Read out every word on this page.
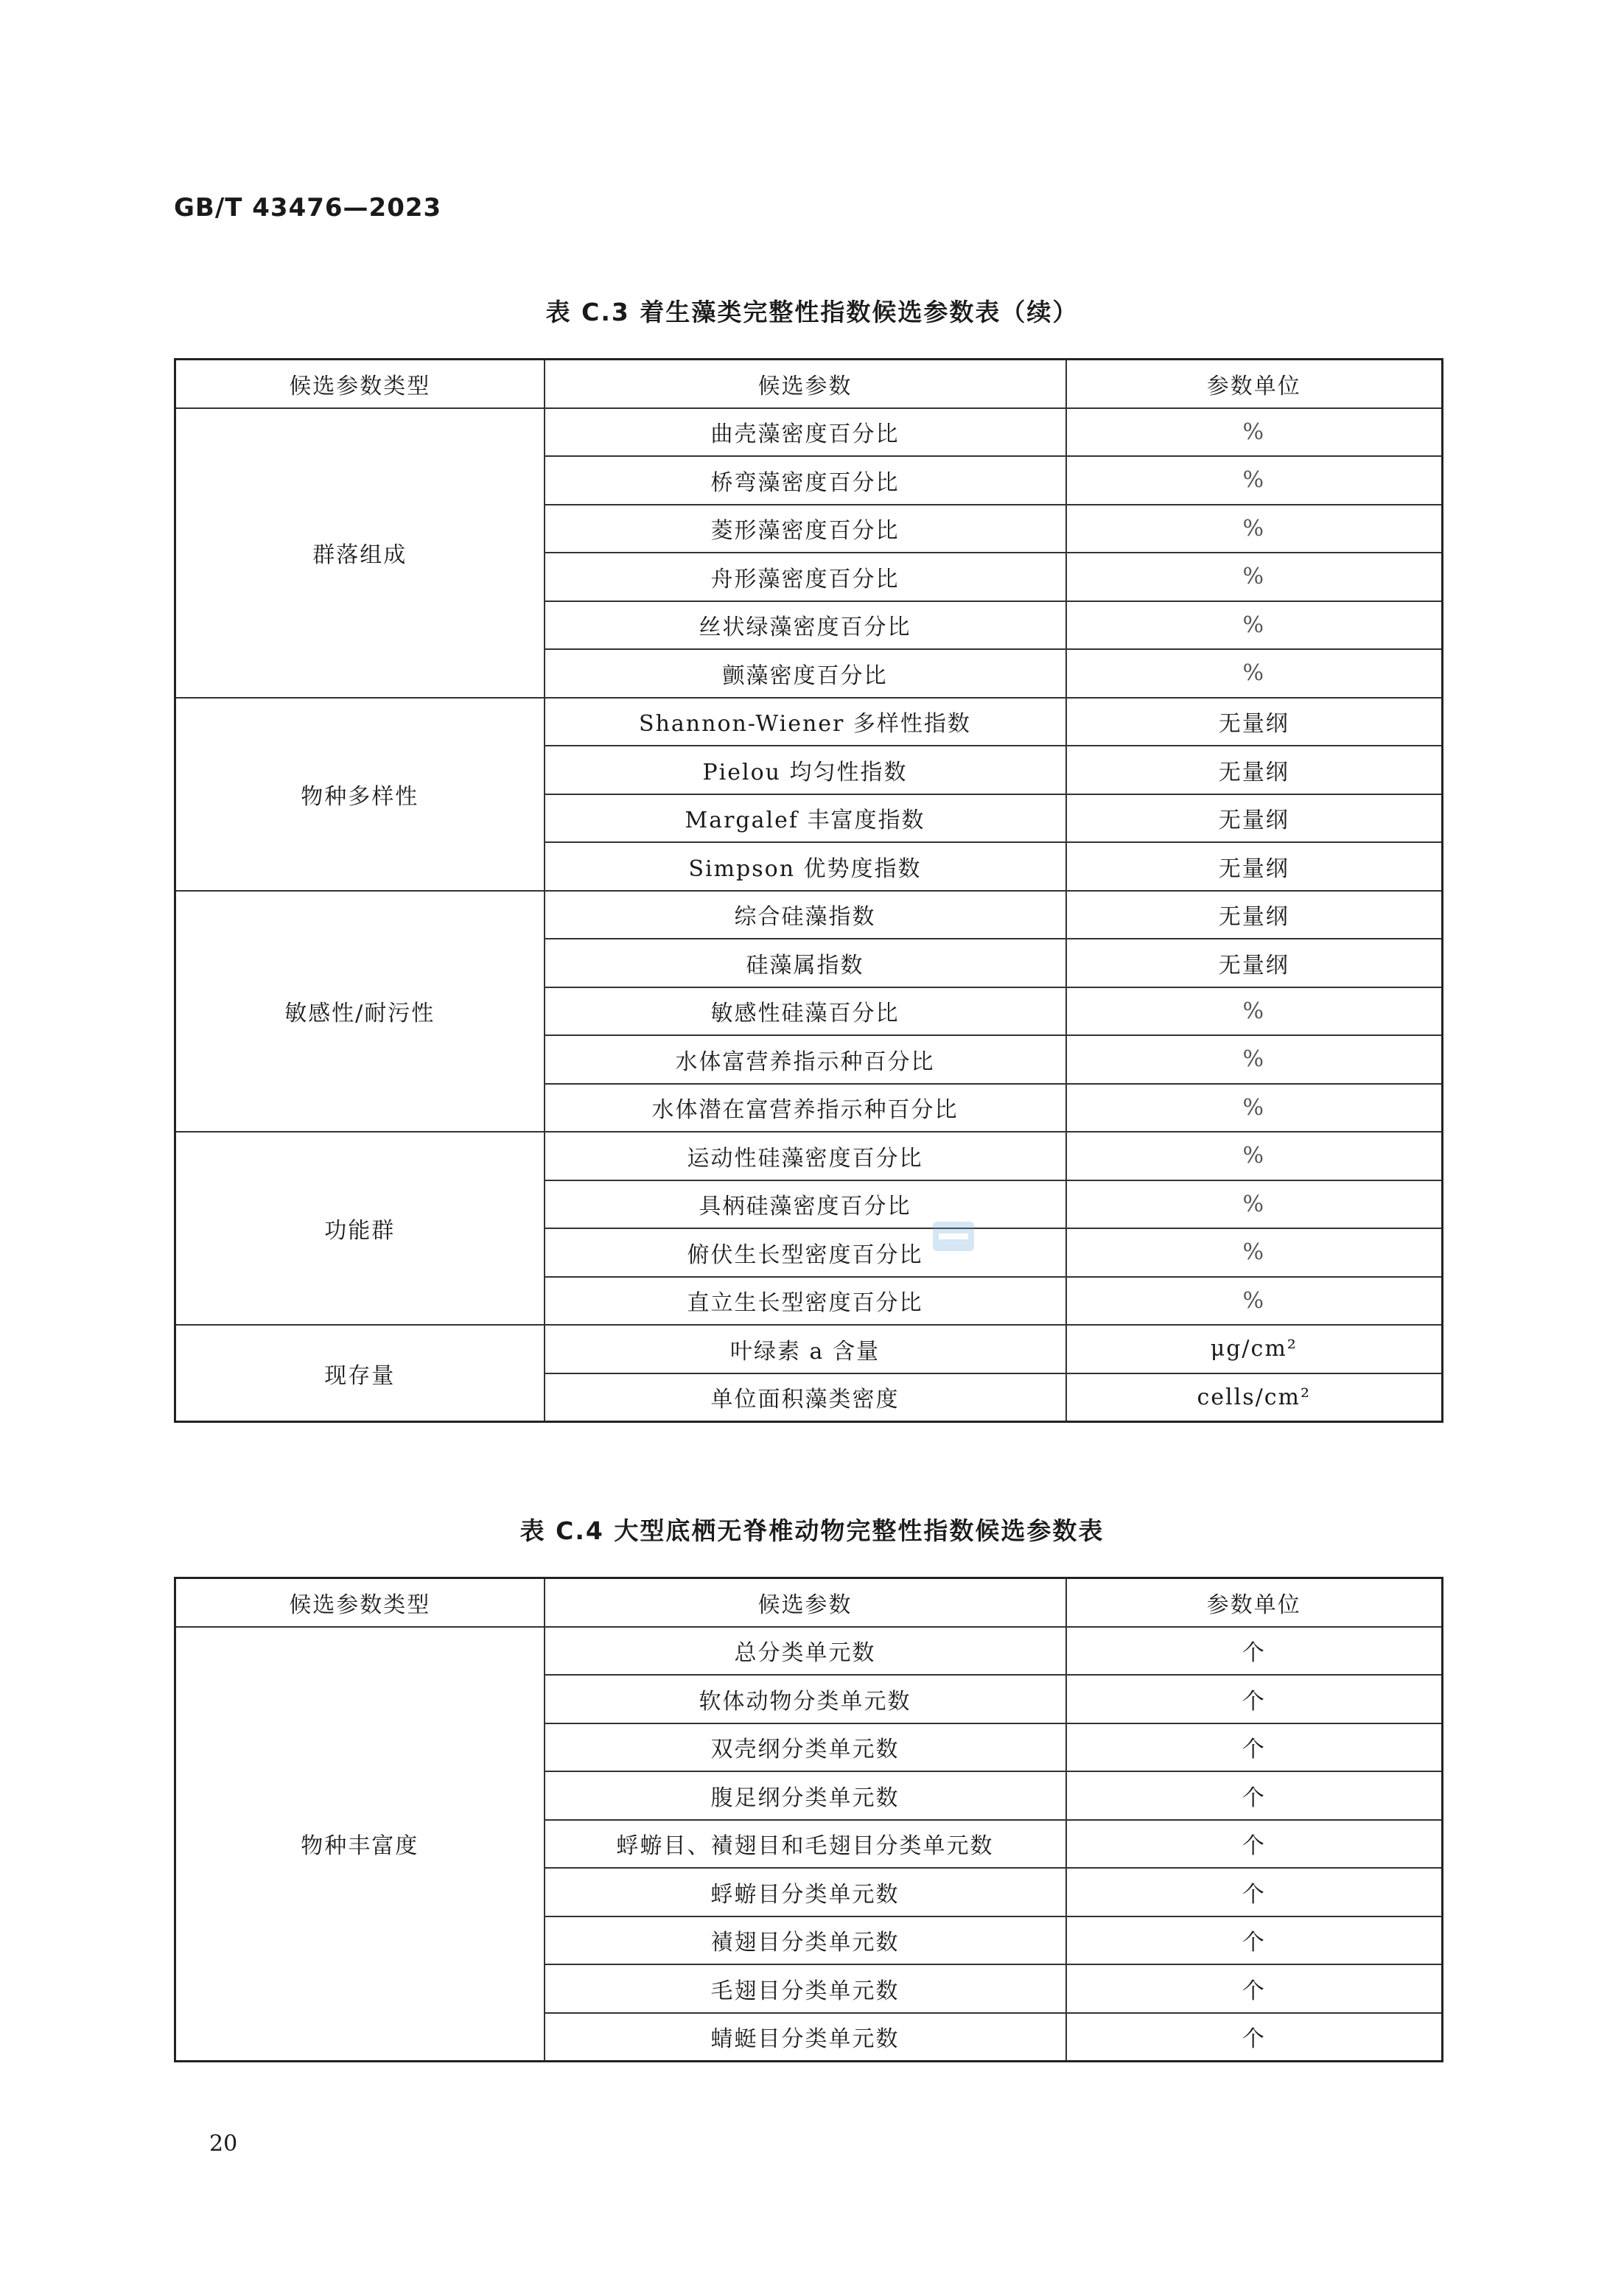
GB/T 43476—2023
表 C.3 着生藻类完整性指数候选参数表（续）
候选参数类型	候选参数	参数单位
群落组成	曲壳藻密度百分比	%
	桥弯藻密度百分比	%
	菱形藻密度百分比	%
	舟形藻密度百分比	%
	丝状绿藻密度百分比	%
	颤藻密度百分比	%
物种多样性	Shannon-Wiener 多样性指数	无量纲
	Pielou 均匀性指数	无量纲
	Margalef 丰富度指数	无量纲
	Simpson 优势度指数	无量纲
敏感性/耐污性	综合硅藻指数	无量纲
	硅藻属指数	无量纲
	敏感性硅藻百分比	%
	水体富营养指示种百分比	%
	水体潜在富营养指示种百分比	%
功能群	运动性硅藻密度百分比	%
	具柄硅藻密度百分比	%
	俯伏生长型密度百分比	%
	直立生长型密度百分比	%
现存量	叶绿素 a 含量	μg/cm²
	单位面积藻类密度	cells/cm²
表 C.4 大型底栖无脊椎动物完整性指数候选参数表
候选参数类型	候选参数	参数单位
物种丰富度	总分类单元数	个
	软体动物分类单元数	个
	双壳纲分类单元数	个
	腹足纲分类单元数	个
	蜉蝣目、襀翅目和毛翅目分类单元数	个
	蜉蝣目分类单元数	个
	襀翅目分类单元数	个
	毛翅目分类单元数	个
	蜻蜓目分类单元数	个
20
